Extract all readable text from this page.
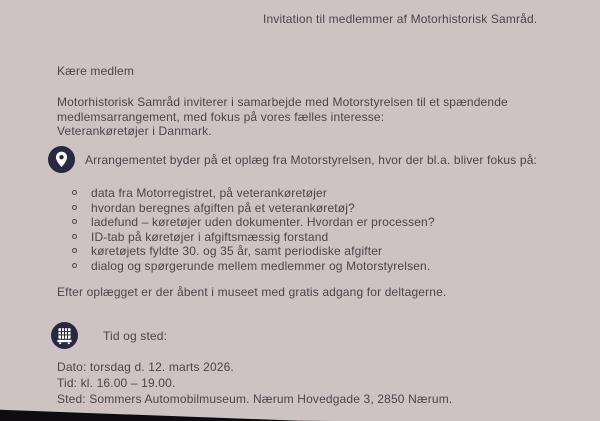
Invitation til medlemmer af Motorhistorisk Samråd.
Kære medlem
Motorhistorisk Samråd inviterer i samarbejde med Motorstyrelsen til et spændende
medlemsarrangement, med fokus på vores fælles interesse:
Veterankøretøjer i Danmark.
Arrangementet byder på et oplæg fra Motorstyrelsen, hvor der bl.a. bliver fokus på:
data fra Motorregistret, på veterankøretøjer
hvordan beregnes afgiften på et veterankøretøj?
ladefund – køretøjer uden dokumenter. Hvordan er processen?
ID-tab på køretøjer i afgiftsmæssig forstand
køretøjets fyldte 30. og 35 år, samt periodiske afgifter
dialog og spørgerunde mellem medlemmer og Motorstyrelsen.
Efter oplægget er der åbent i museet med gratis adgang for deltagerne.
Tid og sted:
Dato: torsdag d. 12. marts 2026.
Tid: kl. 16.00 – 19.00.
Sted: Sommers Automobilmuseum. Nærum Hovedgade 3, 2850 Nærum.
